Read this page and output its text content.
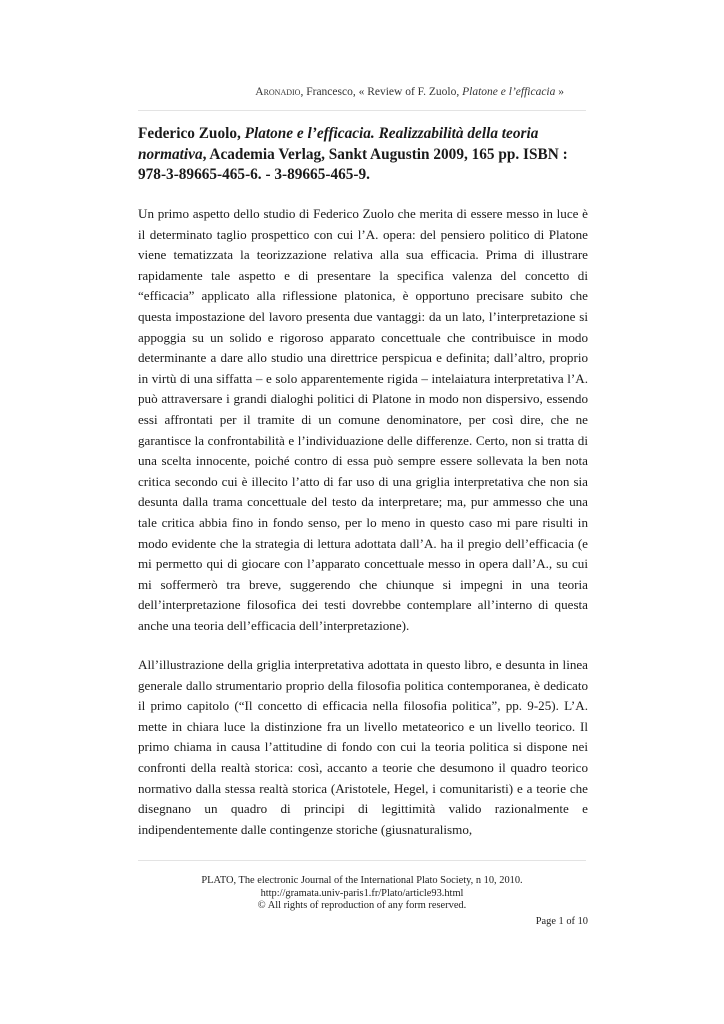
Aronadio, Francesco, « Review of F. Zuolo, Platone e l’efficacia »
Federico Zuolo, Platone e l’efficacia. Realizzabilità della teoria normativa, Academia Verlag, Sankt Augustin 2009, 165 pp. ISBN : 978-3-89665-465-6. - 3-89665-465-9.
Un primo aspetto dello studio di Federico Zuolo che merita di essere messo in luce è il determinato taglio prospettico con cui l’A. opera: del pensiero politico di Platone viene tematizzata la teorizzazione relativa alla sua efficacia. Prima di illustrare rapidamente tale aspetto e di presentare la specifica valenza del concetto di “efficacia” applicato alla riflessione platonica, è opportuno precisare subito che questa impostazione del lavoro presenta due vantaggi: da un lato, l’interpretazione si appoggia su un solido e rigoroso apparato concettuale che contribuisce in modo determinante a dare allo studio una direttrice perspicua e definita; dall’altro, proprio in virtù di una siffatta – e solo apparentemente rigida – intelaiatura interpretativa l’A. può attraversare i grandi dialoghi politici di Platone in modo non dispersivo, essendo essi affrontati per il tramite di un comune denominatore, per così dire, che ne garantisce la confrontabilità e l’individuazione delle differenze. Certo, non si tratta di una scelta innocente, poiché contro di essa può sempre essere sollevata la ben nota critica secondo cui è illecito l’atto di far uso di una griglia interpretativa che non sia desunta dalla trama concettuale del testo da interpretare; ma, pur ammesso che una tale critica abbia fino in fondo senso, per lo meno in questo caso mi pare risulti in modo evidente che la strategia di lettura adottata dall’A. ha il pregio dell’efficacia (e mi permetto qui di giocare con l’apparato concettuale messo in opera dall’A., su cui mi soffermerò tra breve, suggerendo che chiunque si impegni in una teoria dell’interpretazione filosofica dei testi dovrebbe contemplare all’interno di questa anche una teoria dell’efficacia dell’interpretazione).
All’illustrazione della griglia interpretativa adottata in questo libro, e desunta in linea generale dallo strumentario proprio della filosofia politica contemporanea, è dedicato il primo capitolo (“Il concetto di efficacia nella filosofia politica”, pp. 9-25). L’A. mette in chiara luce la distinzione fra un livello metateorico e un livello teorico. Il primo chiama in causa l’attitudine di fondo con cui la teoria politica si dispone nei confronti della realtà storica: così, accanto a teorie che desumono il quadro teorico normativo dalla stessa realtà storica (Aristotele, Hegel, i comunitaristi) e a teorie che disegnano un quadro di principi di legittimità valido razionalmente e indipendentemente dalle contingenze storiche (giusnaturalismo,
PLATO, The electronic Journal of the International Plato Society, n 10, 2010.
http://gramata.univ-paris1.fr/Plato/article93.html
© All rights of reproduction of any form reserved.
Page 1 of 10
